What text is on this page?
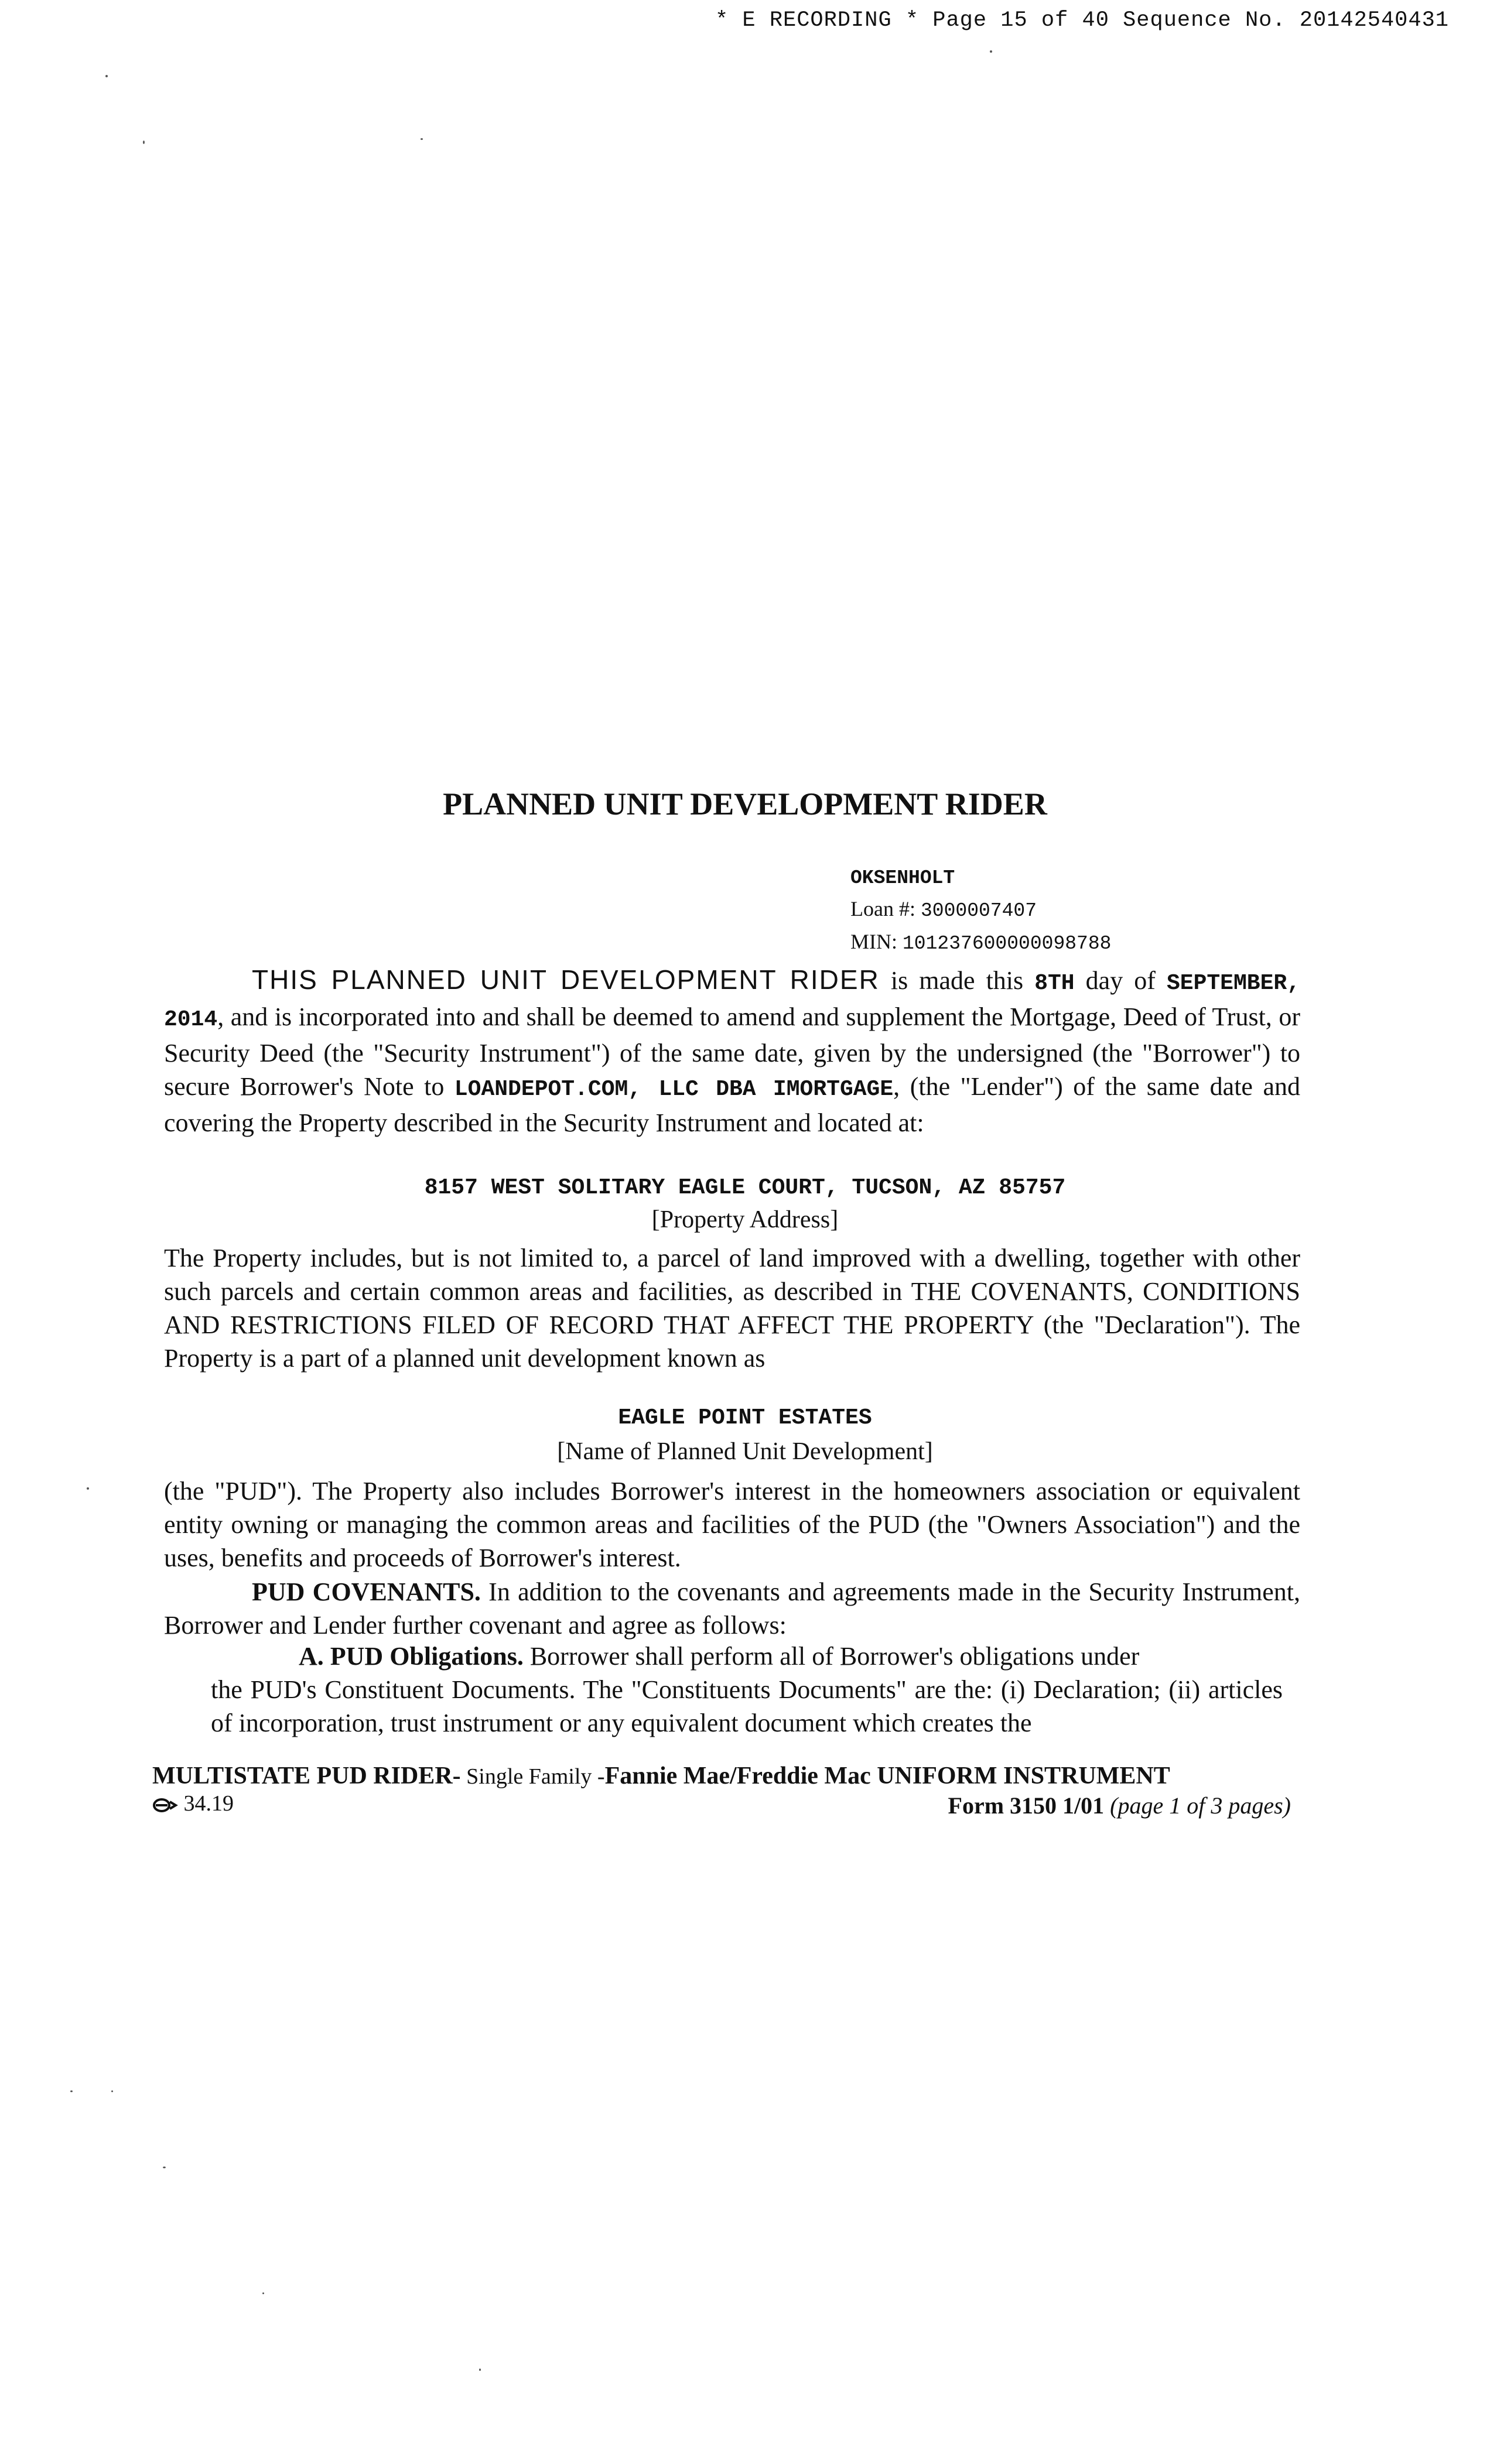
* E RECORDING * Page 15 of 40 Sequence No. 20142540431
PLANNED UNIT DEVELOPMENT RIDER
OKSENHOLT
Loan #: 3000007407
MIN: 101237600000098788
THIS PLANNED UNIT DEVELOPMENT RIDER is made this 8TH day of SEPTEMBER, 2014, and is incorporated into and shall be deemed to amend and supplement the Mortgage, Deed of Trust, or Security Deed (the "Security Instrument") of the same date, given by the undersigned (the "Borrower") to secure Borrower's Note to LOANDEPOT.COM, LLC DBA IMORTGAGE, (the "Lender") of the same date and covering the Property described in the Security Instrument and located at:
8157 WEST SOLITARY EAGLE COURT, TUCSON, AZ 85757
[Property Address]
The Property includes, but is not limited to, a parcel of land improved with a dwelling, together with other such parcels and certain common areas and facilities, as described in THE COVENANTS, CONDITIONS AND RESTRICTIONS FILED OF RECORD THAT AFFECT THE PROPERTY (the "Declaration"). The Property is a part of a planned unit development known as
EAGLE POINT ESTATES
[Name of Planned Unit Development]
(the "PUD"). The Property also includes Borrower's interest in the homeowners association or equivalent entity owning or managing the common areas and facilities of the PUD (the "Owners Association") and the uses, benefits and proceeds of Borrower's interest.
PUD COVENANTS. In addition to the covenants and agreements made in the Security Instrument, Borrower and Lender further covenant and agree as follows:
A. PUD Obligations. Borrower shall perform all of Borrower's obligations under
the PUD's Constituent Documents. The "Constituents Documents" are the: (i) Declaration; (ii) articles of incorporation, trust instrument or any equivalent document which creates the
MULTISTATE PUD RIDER- Single Family -Fannie Mae/Freddie Mac UNIFORM INSTRUMENT
34.19	Form 3150 1/01 (page 1 of 3 pages)
